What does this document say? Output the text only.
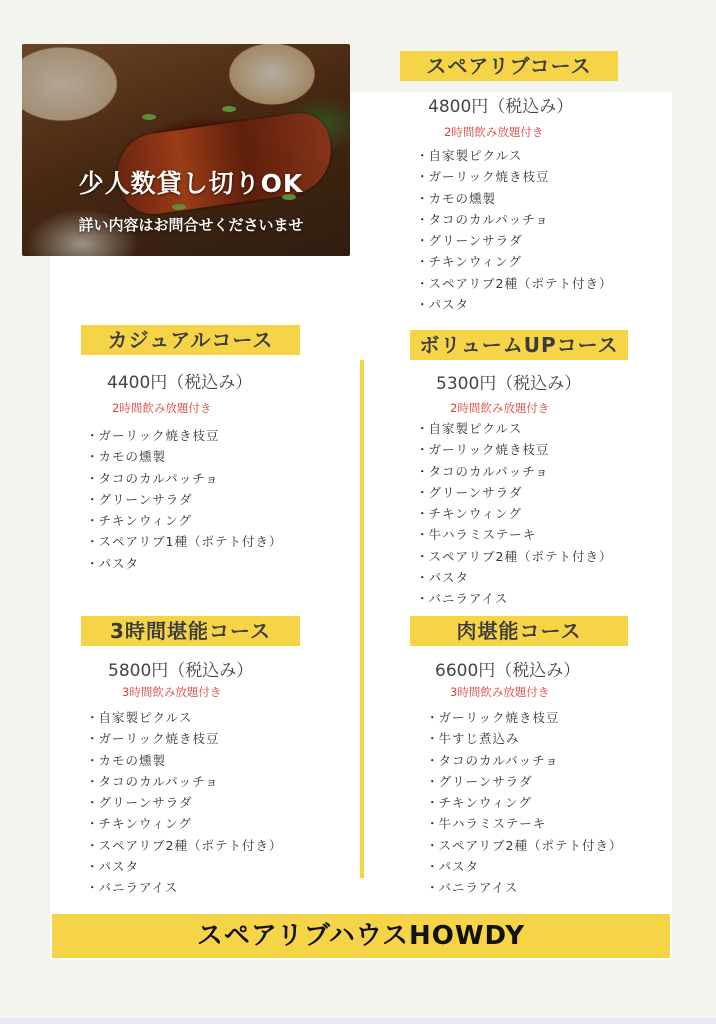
少人数貸し切りOK
詳い内容はお問合せくださいませ
スペアリブコース
4800円（税込み）
2時間飲み放題付き
・ 自家製ピクルス
・ ガーリック焼き枝豆
・ カモの燻製
・ タコのカルパッチョ
・ グリーンサラダ
・ チキンウィング
・ スペアリブ2種（ポテト付き）
・ パスタ
カジュアルコース
4400円（税込み）
2時間飲み放題付き
・ ガーリック焼き枝豆
・ カモの燻製
・ タコのカルパッチョ
・ グリーンサラダ
・ チキンウィング
・ スペアリブ1種（ポテト付き）
・ パスタ
ボリュームUPコース
5300円（税込み）
2時間飲み放題付き
・ 自家製ピクルス
・ ガーリック焼き枝豆
・ タコのカルパッチョ
・ グリーンサラダ
・ チキンウィング
・ 牛ハラミステーキ
・ スペアリブ2種（ポテト付き）
・ パスタ
・ バニラアイス
3時間堪能コース
5800円（税込み）
3時間飲み放題付き
・ 自家製ピクルス
・ ガーリック焼き枝豆
・ カモの燻製
・ タコのカルパッチョ
・ グリーンサラダ
・ チキンウィング
・ スペアリブ2種（ポテト付き）
・ パスタ
・ バニラアイス
肉堪能コース
6600円（税込み）
3時間飲み放題付き
・ ガーリック焼き枝豆
・ 牛すじ煮込み
・ タコのカルパッチョ
・ グリーンサラダ
・ チキンウィング
・ 牛ハラミステーキ
・ スペアリブ2種（ポテト付き）
・ パスタ
・ バニラアイス
スペアリブハウスHOWDY
